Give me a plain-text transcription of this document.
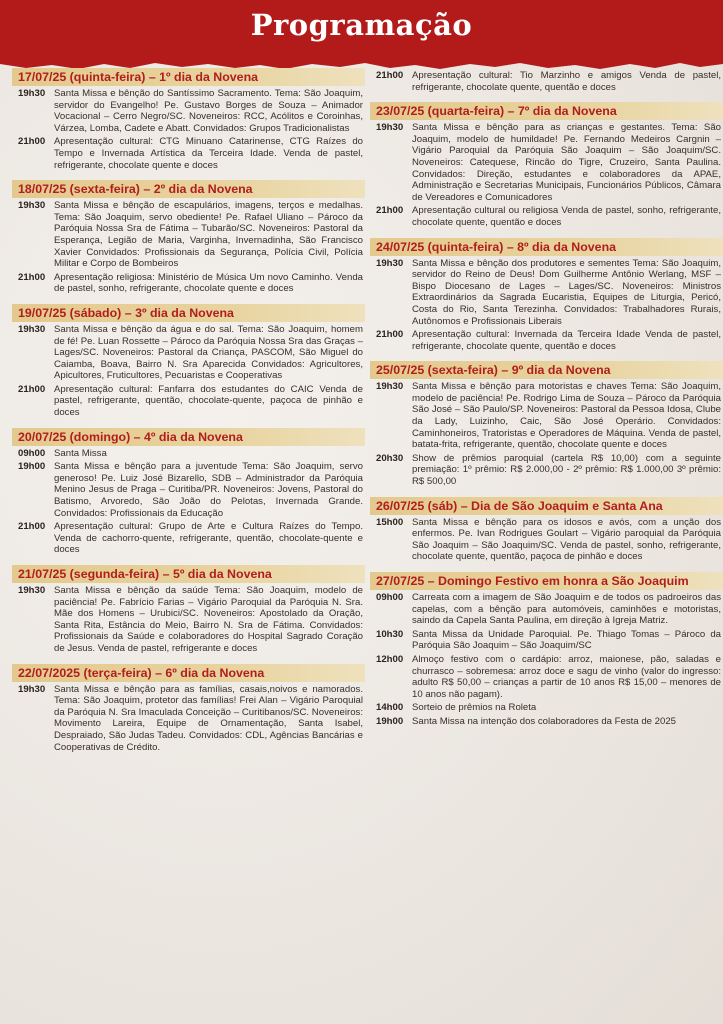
Programação
17/07/25 (quinta-feira) – 1º dia da Novena
19h30 Santa Missa e bênção do Santíssimo Sacramento. Tema: São Joaquim, servidor do Evangelho! Pe. Gustavo Borges de Souza – Animador Vocacional – Cerro Negro/SC. Noveneiros: RCC, Acólitos e Coroinhas, Várzea, Lomba, Cadete e Abatt. Convidados: Grupos Tradicionalistas
21h00 Apresentação cultural: CTG Minuano Catarinense, CTG Raízes do Tempo e Invernada Artística da Terceira Idade. Venda de pastel, refrigerante, chocolate quente e doces
18/07/25 (sexta-feira) – 2º dia da Novena
19h30 Santa Missa e bênção de escapulários, imagens, terços e medalhas. Tema: São Joaquim, servo obediente! Pe. Rafael Uliano – Pároco da Paróquia Nossa Sra de Fátima – Tubarão/SC. Noveneiros: Pastoral da Esperança, Legião de Maria, Varginha, Invernadinha, São Francisco Xavier Convidados: Profissionais da Segurança, Polícia Civil, Polícia Militar e Corpo de Bombeiros
21h00 Apresentação religiosa: Ministério de Música Um novo Caminho. Venda de pastel, sonho, refrigerante, chocolate quente e doces
19/07/25 (sábado) – 3º dia da Novena
19h30 Santa Missa e bênção da água e do sal. Tema: São Joaquim, homem de fé! Pe. Luan Rossette – Pároco da Paróquia Nossa Sra das Graças – Lages/SC. Noveneiros: Pastoral da Criança, PASCOM, São Miguel do Caiamba, Boava, Bairro N. Sra Aparecida Convidados: Agricultores, Apicultores, Fruticultores, Pecuaristas e Cooperativas
21h00 Apresentação cultural: Fanfarra dos estudantes do CAIC Venda de pastel, refrigerante, quentão, chocolate-quente, paçoca de pinhão e doces
20/07/25 (domingo) – 4º dia da Novena
09h00 Santa Missa
19h00 Santa Missa e bênção para a juventude Tema: São Joaquim, servo generoso! Pe. Luiz José Bizarello, SDB – Administrador da Paróquia Menino Jesus de Praga – Curitiba/PR. Noveneiros: Jovens, Pastoral do Batismo, Arvoredo, São João do Pelotas, Invernada Grande. Convidados: Profissionais da Educação
21h00 Apresentação cultural: Grupo de Arte e Cultura Raízes do Tempo. Venda de cachorro-quente, refrigerante, quentão, chocolate-quente e doces
21/07/25 (segunda-feira) – 5º dia da Novena
19h30 Santa Missa e bênção da saúde Tema: São Joaquim, modelo de paciência! Pe. Fabrício Farias – Vigário Paroquial da Paróquia N. Sra. Mãe dos Homens – Urubici/SC. Noveneiros: Apostolado da Oração, Santa Rita, Estância do Meio, Bairro N. Sra de Fátima. Convidados: Profissionais da Saúde e colaboradores do Hospital Sagrado Coração de Jesus. Venda de pastel, refrigerante e doces
22/07/2025 (terça-feira) – 6º dia da Novena
19h30 Santa Missa e bênção para as famílias, casais,noivos e namorados. Tema: São Joaquim, protetor das famílias! Frei Alan – Vigário Paroquial da Paróquia N. Sra Imaculada Conceição – Curitibanos/SC. Noveneiros: Movimento Lareira, Equipe de Ornamentação, Santa Isabel, Despraiado, São Judas Tadeu. Convidados: CDL, Agências Bancárias e Cooperativas de Crédito.
21h00 Apresentação cultural: Tio Marzinho e amigos Venda de pastel, refrigerante, chocolate quente, quentão e doces
23/07/25 (quarta-feira) – 7º dia da Novena
19h30 Santa Missa e bênção para as crianças e gestantes. Tema: São Joaquim, modelo de humildade! Pe. Fernando Medeiros Cargnin – Vigário Paroquial da Paróquia São Joaquim – São Joaquim/SC. Noveneiros: Catequese, Rincão do Tigre, Cruzeiro, Santa Paulina. Convidados: Direção, estudantes e colaboradores da APAE, Administração e Secretarias Municipais, Funcionários Públicos, Câmara de Vereadores e Comunicadores
21h00 Apresentação cultural ou religiosa Venda de pastel, sonho, refrigerante, chocolate quente, quentão e doces
24/07/25 (quinta-feira) – 8º dia da Novena
19h30 Santa Missa e bênção dos produtores e sementes Tema: São Joaquim, servidor do Reino de Deus! Dom Guilherme Antônio Werlang, MSF – Bispo Diocesano de Lages – Lages/SC. Noveneiros: Ministros Extraordinários da Sagrada Eucaristia, Equipes de Liturgia, Pericó, Costa do Rio, Santa Terezinha. Convidados: Trabalhadores Rurais, Autônomos e Profissionais Liberais
21h00 Apresentação cultural: Invernada da Terceira Idade Venda de pastel, refrigerante, chocolate quente, quentão e doces
25/07/25 (sexta-feira) – 9º dia da Novena
19h30 Santa Missa e bênção para motoristas e chaves Tema: São Joaquim, modelo de paciência! Pe. Rodrigo Lima de Souza – Pároco da Paróquia São José – São Paulo/SP. Noveneiros: Pastoral da Pessoa Idosa, Clube da Lady, Luizinho, Caic, São José Operário. Convidados: Caminhoneiros, Tratoristas e Operadores de Máquina. Venda de pastel, batata-frita, refrigerante, quentão, chocolate quente e doces
20h30 Show de prêmios paroquial (cartela R$ 10,00) com a seguinte premiação: 1º prêmio: R$ 2.000,00 - 2º prêmio: R$ 1.000,00 3º prêmio: R$ 500,00
26/07/25 (sáb) – Dia de São Joaquim e Santa Ana
15h00 Santa Missa e bênção para os idosos e avós, com a unção dos enfermos. Pe. Ivan Rodrigues Goulart – Vigário paroquial da Paróquia São Joaquim – São Joaquim/SC. Venda de pastel, sonho, refrigerante, chocolate quente, quentão, paçoca de pinhão e doces
27/07/25 – Domingo Festivo em honra a São Joaquim
09h00 Carreata com a imagem de São Joaquim e de todos os padroeiros das capelas, com a bênção para automóveis, caminhões e motoristas, saindo da Capela Santa Paulina, em direção à Igreja Matriz.
10h30 Santa Missa da Unidade Paroquial. Pe. Thiago Tomas – Pároco da Paróquia São Joaquim – São Joaquim/SC
12h00 Almoço festivo com o cardápio: arroz, maionese, pão, saladas e churrasco – sobremesa: arroz doce e sagu de vinho (valor do ingresso: adulto R$ 50,00 – crianças a partir de 10 anos R$ 15,00 – menores de 10 anos não pagam).
14h00 Sorteio de prêmios na Roleta
19h00 Santa Missa na intenção dos colaboradores da Festa de 2025
